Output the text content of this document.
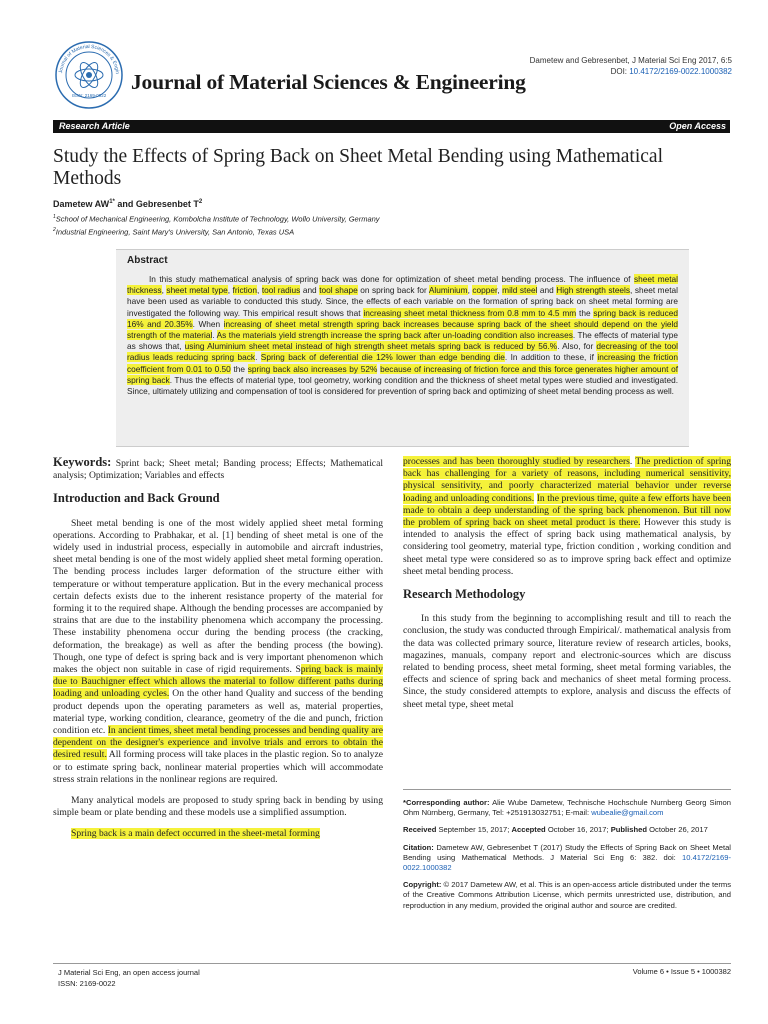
Journal of Material Sciences & Engin
ISSN: 2169-0022
Journal of Material Sciences & Engineering
Dametew and Gebresenbet, J Material Sci Eng 2017, 6:5
DOI: 10.4172/2169-0022.1000382
Research Article	Open Access
Study the Effects of Spring Back on Sheet Metal Bending using Mathematical Methods
Dametew $AW^{1*}$ and Gebresenbet $T^2$
$^1$School of Mechanical Engineering, Kombolcha Institute of Technology, Wollo University, Germany
$^2$Industrial Engineering, Saint Mary's University, San Antonio, Texas USA
Abstract
In this study mathematical analysis of spring back was done for optimization of sheet metal bending process. The influence of sheet metal thickness, sheet metal type, friction, tool radius and tool shape on spring back for Aluminium, copper, mild steel and High strength steels, sheet metal have been used as variable to conducted this study. Since, the effects of each variable on the formation of spring back on sheet metal forming are investigated the following way. This empirical result shows that increasing sheet metal thickness from 0.8 mm to 4.5 mm the spring back is reduced 16% and 20.35%. When increasing of sheet metal strength spring back increases because spring back of the sheet should depend on the yield strength of the material. As the materials yield strength increase the spring back after un-loading condition also increases. The effects of material type as shows that, using Aluminium sheet metal instead of high strength sheet metals spring back is reduced by 56.%. Also, for decreasing of the tool radius leads reducing spring back. Spring back of deferential die 12% lower than edge bending die. In addition to these, if increasing the friction coefficient from 0.01 to 0.50 the spring back also increases by 52% because of increasing of friction force and this force generates higher amount of spring back. Thus the effects of material type, tool geometry, working condition and the thickness of sheet metal types were studied and investigated. Since, ultimately utilizing and compensation of tool is considered for prevention of spring back and optimizing of sheet metal bending process as well.

Keywords: Sprint back; Sheet metal; Banding process; Effects; Mathematical analysis; Optimization; Variables and effects

Introduction and Back Ground

Sheet metal bending is one of the most widely applied sheet metal forming operations. According to Prabhakar, et al. [1] bending of sheet metal is one of the widely used in industrial process, especially in automobile and aircraft industries, sheet metal bending is one of the most widely applied sheet metal forming operation. The bending process includes larger deformation of the structure either with temperature or without temperature application. But in the every mechanical process certain defects exists due to the inherent resistance property of the material for forming it to the required shape. Although the bending processes are accompanied by strains that are due to the instability phenomena which accompany the processing. These instability phenomena occur during the bending process (the cracking, deformation, the breakage) as well as after the bending process (the bowing). Though, one type of defect is spring back and is very important phenomenon which makes the object non suitable in case of rigid requirements. Spring back is mainly due to Bauchigner effect which allows the material to follow different paths during loading and unloading cycles. On the other hand Quality and success of the bending product depends upon the operating parameters as well as, material properties, material type, working condition, clearance, geometry of the die and punch, friction condition etc. In ancient times, sheet metal bending processes and bending quality are dependent on the designer's experience and involve trials and errors to obtain the desired result. All forming process will take places in the plastic region. So to analyze or to estimate spring back, nonlinear material properties which will accommodate stress strain relations in the nonlinear regions are required.

Many analytical models are proposed to study spring back in bending by using simple beam or plate bending and these models use a simplified assumption.

Spring back is a main defect occurred in the sheet-metal forming

processes and has been thoroughly studied by researchers. The prediction of spring back has challenging for a variety of reasons, including numerical sensitivity, physical sensitivity, and poorly characterized material behavior under reverse loading and unloading conditions. In the previous time, quite a few efforts have been made to obtain a deep understanding of the spring back phenomenon. But till now the problem of spring back on sheet metal product is there. However this study is intended to analysis the effect of spring back using mathematical analysis, by considering tool geometry, material type, friction condition , working condition and sheet metal type were considered so as to improve spring back effect and optimize sheet metal bending process.

Research Methodology

In this study from the beginning to accomplishing result and till to reach the conclusion, the study was conducted through Empirical/. mathematical analysis from the data was collected primary source, literature review of research articles, books, magazines, manuals, company report and electronic-sources which are discuss related to bending process, sheet metal forming, sheet metal forming variables, the effects and science of spring back and mechanics of sheet metal forming process. Since, the study considered attempts to explore, analysis and discuss the effects of sheet metal type, sheet metal

*Corresponding author: Alie Wube Dametew, Technische Hochschule Nurnberg Georg Simon Ohm Nürnberg, Germany, Tel: +251913032751; E-mail: wubealie@gmail.com

Received September 15, 2017; Accepted October 16, 2017; Published October 26, 2017

Citation: Dametew AW, Gebresenbet T (2017) Study the Effects of Spring Back on Sheet Metal Bending using Mathematical Methods. J Material Sci Eng 6: 382. doi: 10.4172/2169-0022.1000382

Copyright: © 2017 Dametew AW, et al. This is an open-access article distributed under the terms of the Creative Commons Attribution License, which permits unrestricted use, distribution, and reproduction in any medium, provided the original author and source are credited.

J Material Sci Eng, an open access journal
ISSN: 2169-0022
Volume 6 • Issue 5 • 1000382
